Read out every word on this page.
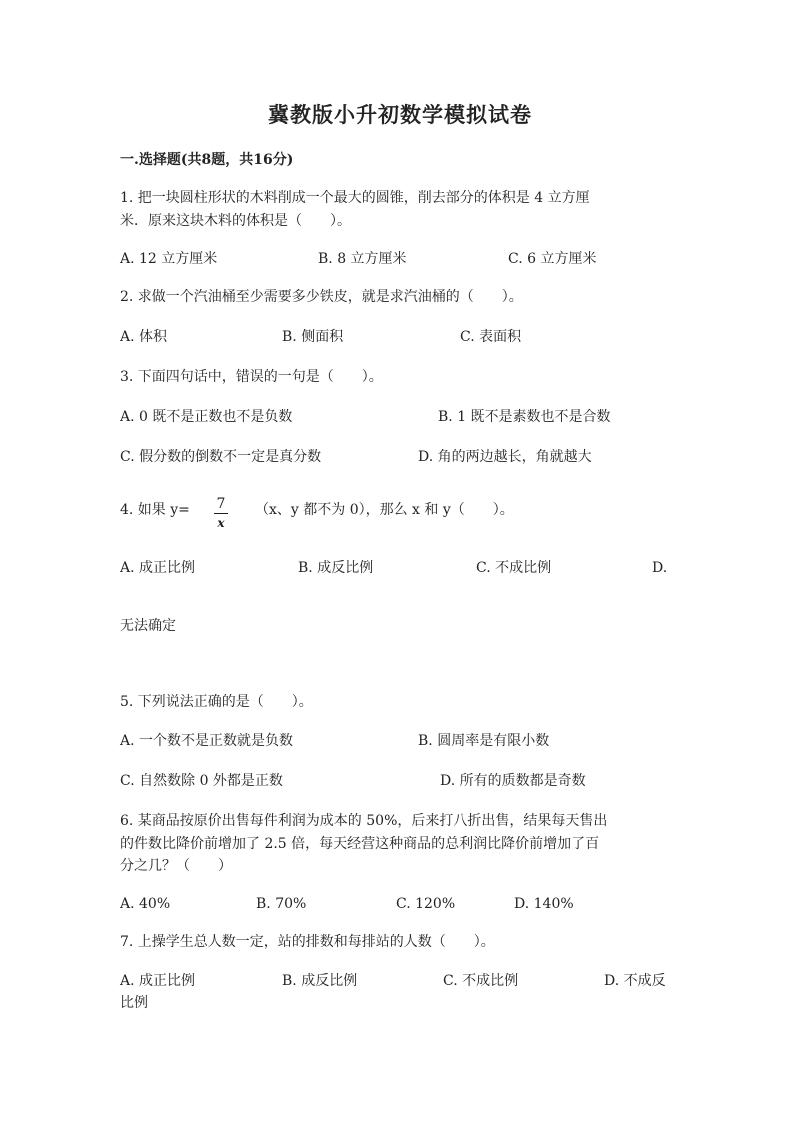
冀教版小升初数学模拟试卷
一.选择题(共8题，共16分)
1. 把一块圆柱形状的木料削成一个最大的圆锥，削去部分的体积是 4 立方厘
米．原来这块木料的体积是（　　）。
A. 12 立方厘米	B. 8 立方厘米	C. 6 立方厘米
2. 求做一个汽油桶至少需要多少铁皮，就是求汽油桶的（　　）。
A. 体积	B. 侧面积	C. 表面积
3. 下面四句话中，错误的一句是（　　）。
A. 0 既不是正数也不是负数	B. 1 既不是素数也不是合数
C. 假分数的倒数不一定是真分数	D. 角的两边越长，角就越大
4. 如果 y= 7
x
（x、y 都不为 0），那么 x 和 y（　　）。
A. 成正比例	B. 成反比例	C. 不成比例	D.
无法确定
5. 下列说法正确的是（　　）。
A. 一个数不是正数就是负数	B. 圆周率是有限小数
C. 自然数除 0 外都是正数	D. 所有的质数都是奇数
6. 某商品按原价出售每件利润为成本的 50%，后来打八折出售，结果每天售出
的件数比降价前增加了 2.5 倍，每天经营这种商品的总利润比降价前增加了百
分之几？（　　）
A. 40%	B. 70%	C. 120%	D. 140%
7. 上操学生总人数一定，站的排数和每排站的人数（　　）。
A. 成正比例	B. 成反比例	C. 不成比例	D. 不成反
比例
